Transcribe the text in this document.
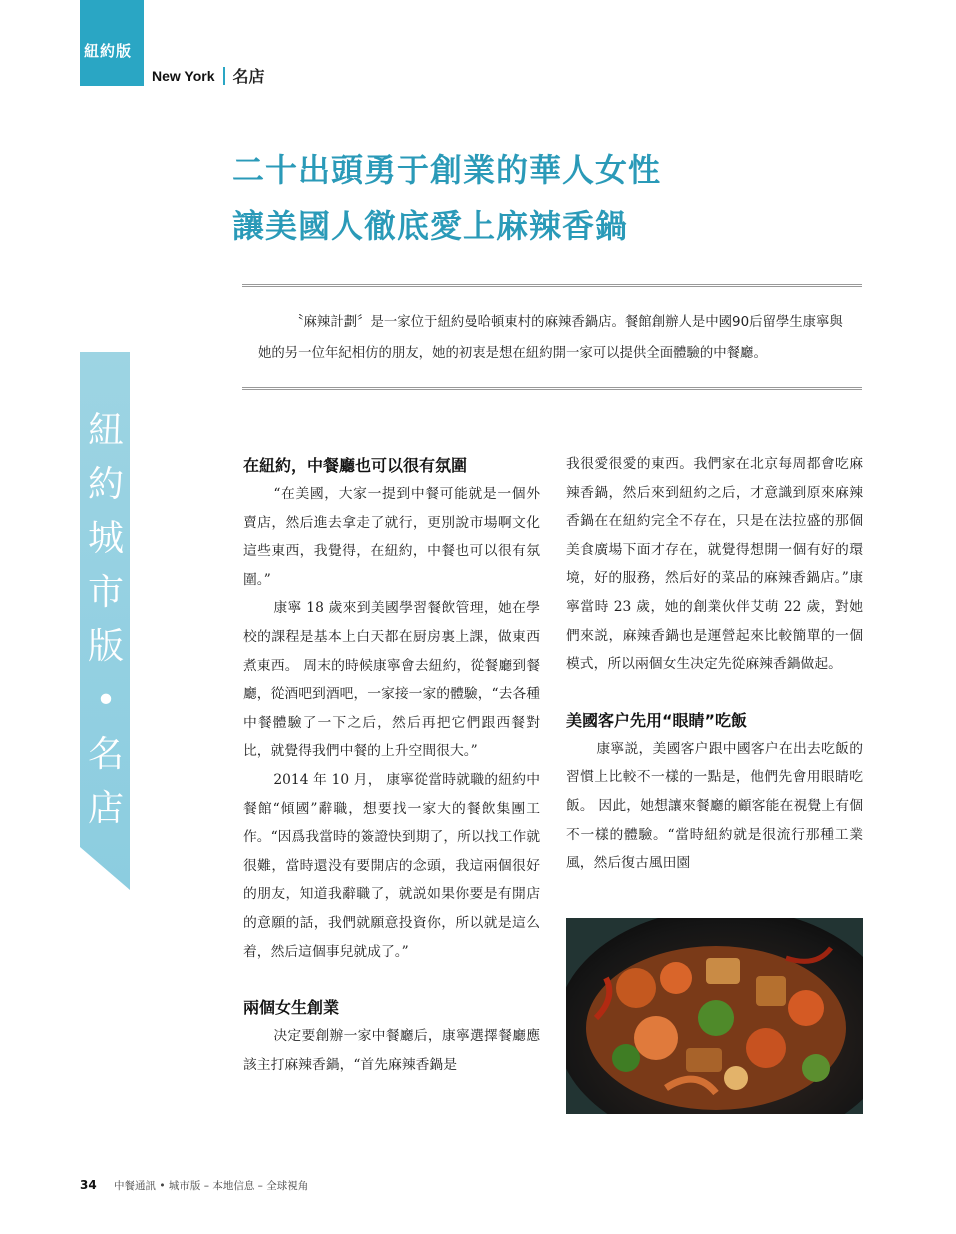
紐約版
New York 名店
紐
約
城
市
版
•
名
店
二十出頭勇于創業的華人女性
讓美國人徹底愛上麻辣香鍋

〝麻辣計劃〞是一家位于紐約曼哈頓東村的麻辣香鍋店。餐館創辦人是中國90后留學生康寧與她的另一位年紀相仿的朋友，她的初衷是想在紐約開一家可以提供全面體驗的中餐廳。

在紐約，中餐廳也可以很有氛圍

“在美國，大家一提到中餐可能就是一個外賣店，然后進去拿走了就行，更別說市場啊文化這些東西，我覺得，在紐約，中餐也可以很有氛圍。”

康寧 18 歲來到美國學習餐飲管理，她在學校的課程是基本上白天都在厨房裏上課，做東西煮東西。 周末的時候康寧會去紐約，從餐廳到餐廳，從酒吧到酒吧，一家接一家的體驗，“去各種中餐體驗了一下之后，然后再把它們跟西餐對比，就覺得我們中餐的上升空間很大。”

2014 年 10 月， 康寧從當時就職的紐約中餐館“傾國”辭職，想要找一家大的餐飲集團工作。“因爲我當時的簽證快到期了，所以找工作就很難，當時還没有要開店的念頭，我這兩個很好的朋友，知道我辭職了，就説如果你要是有開店的意願的話，我們就願意投資你，所以就是這么着，然后這個事兒就成了。”

兩個女生創業

决定要創辦一家中餐廳后，康寧選擇餐廳應該主打麻辣香鍋，“首先麻辣香鍋是

我很愛很愛的東西。我們家在北京每周都會吃麻辣香鍋，然后來到紐約之后，才意識到原來麻辣香鍋在在紐約完全不存在，只是在法拉盛的那個美食廣場下面才存在，就覺得想開一個有好的環境，好的服務，然后好的菜品的麻辣香鍋店。”康寧當時 23 歲，她的創業伙伴艾萌 22 歲，對她們來説，麻辣香鍋也是運營起來比較簡單的一個模式，所以兩個女生决定先從麻辣香鍋做起。

美國客户先用“眼睛”吃飯

康寧説，美國客户跟中國客户在出去吃飯的習慣上比較不一樣的一點是，他們先會用眼睛吃飯。 因此，她想讓來餐廳的顧客能在視覺上有個不一樣的體驗。“當時紐約就是很流行那種工業風，然后復古風田園

34 中餐通訊 • 城市版 – 本地信息 – 全球視角
